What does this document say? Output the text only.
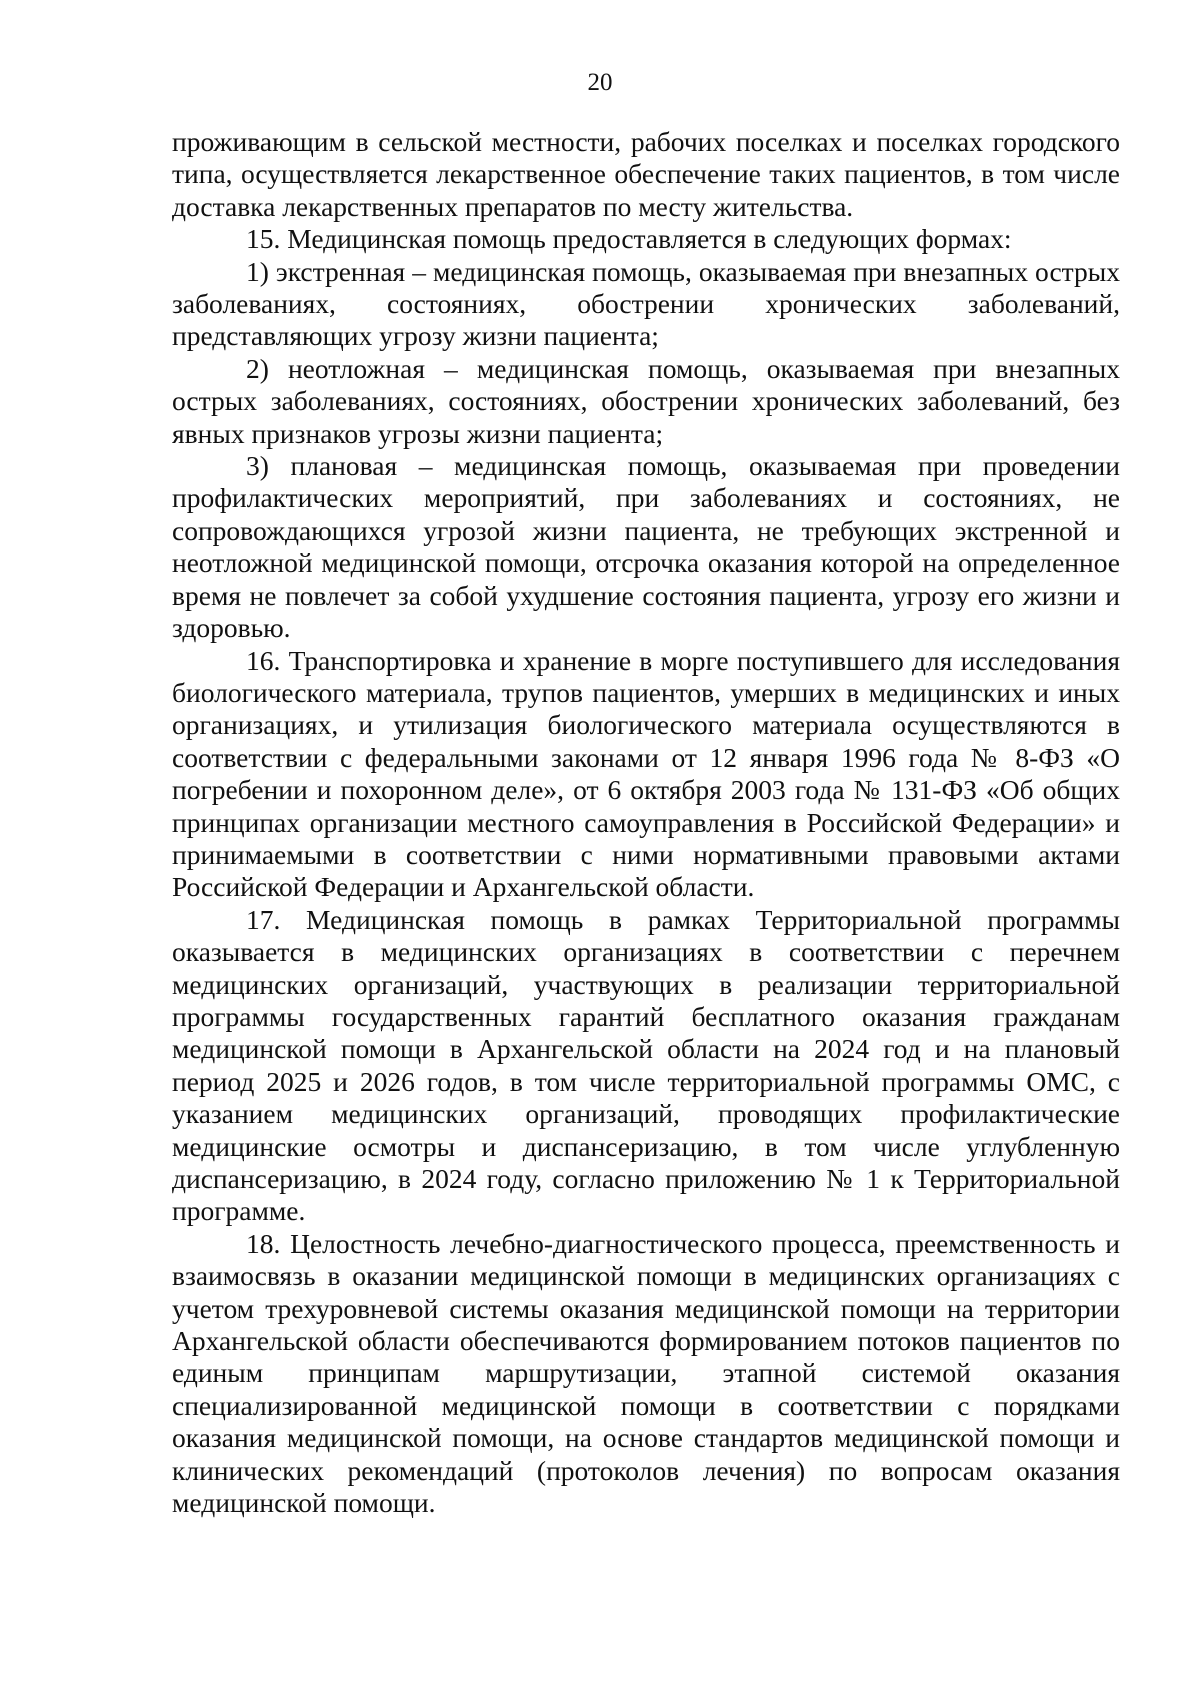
20

проживающим в сельской местности, рабочих поселках и поселках городского типа, осуществляется лекарственное обеспечение таких пациентов, в том числе доставка лекарственных препаратов по месту жительства.

15. Медицинская помощь предоставляется в следующих формах:

1) экстренная – медицинская помощь, оказываемая при внезапных острых заболеваниях, состояниях, обострении хронических заболеваний, представляющих угрозу жизни пациента;

2) неотложная – медицинская помощь, оказываемая при внезапных острых заболеваниях, состояниях, обострении хронических заболеваний, без явных признаков угрозы жизни пациента;

3) плановая – медицинская помощь, оказываемая при проведении профилактических мероприятий, при заболеваниях и состояниях, не сопровождающихся угрозой жизни пациента, не требующих экстренной и неотложной медицинской помощи, отсрочка оказания которой на определенное время не повлечет за собой ухудшение состояния пациента, угрозу его жизни и здоровью.

16. Транспортировка и хранение в морге поступившего для исследования биологического материала, трупов пациентов, умерших в медицинских и иных организациях, и утилизация биологического материала осуществляются в соответствии с федеральными законами от 12 января 1996 года № 8-ФЗ «О погребении и похоронном деле», от 6 октября 2003 года № 131-ФЗ «Об общих принципах организации местного самоуправления в Российской Федерации» и принимаемыми в соответствии с ними нормативными правовыми актами Российской Федерации и Архангельской области.

17. Медицинская помощь в рамках Территориальной программы оказывается в медицинских организациях в соответствии с перечнем медицинских организаций, участвующих в реализации территориальной программы государственных гарантий бесплатного оказания гражданам медицинской помощи в Архангельской области на 2024 год и на плановый период 2025 и 2026 годов, в том числе территориальной программы ОМС, с указанием медицинских организаций, проводящих профилактические медицинские осмотры и диспансеризацию, в том числе углубленную диспансеризацию, в 2024 году, согласно приложению № 1 к Территориальной программе.

18. Целостность лечебно-диагностического процесса, преемственность и взаимосвязь в оказании медицинской помощи в медицинских организациях с учетом трехуровневой системы оказания медицинской помощи на территории Архангельской области обеспечиваются формированием потоков пациентов по единым принципам маршрутизации, этапной системой оказания специализированной медицинской помощи в соответствии с порядками оказания медицинской помощи, на основе стандартов медицинской помощи и клинических рекомендаций (протоколов лечения) по вопросам оказания медицинской помощи.
